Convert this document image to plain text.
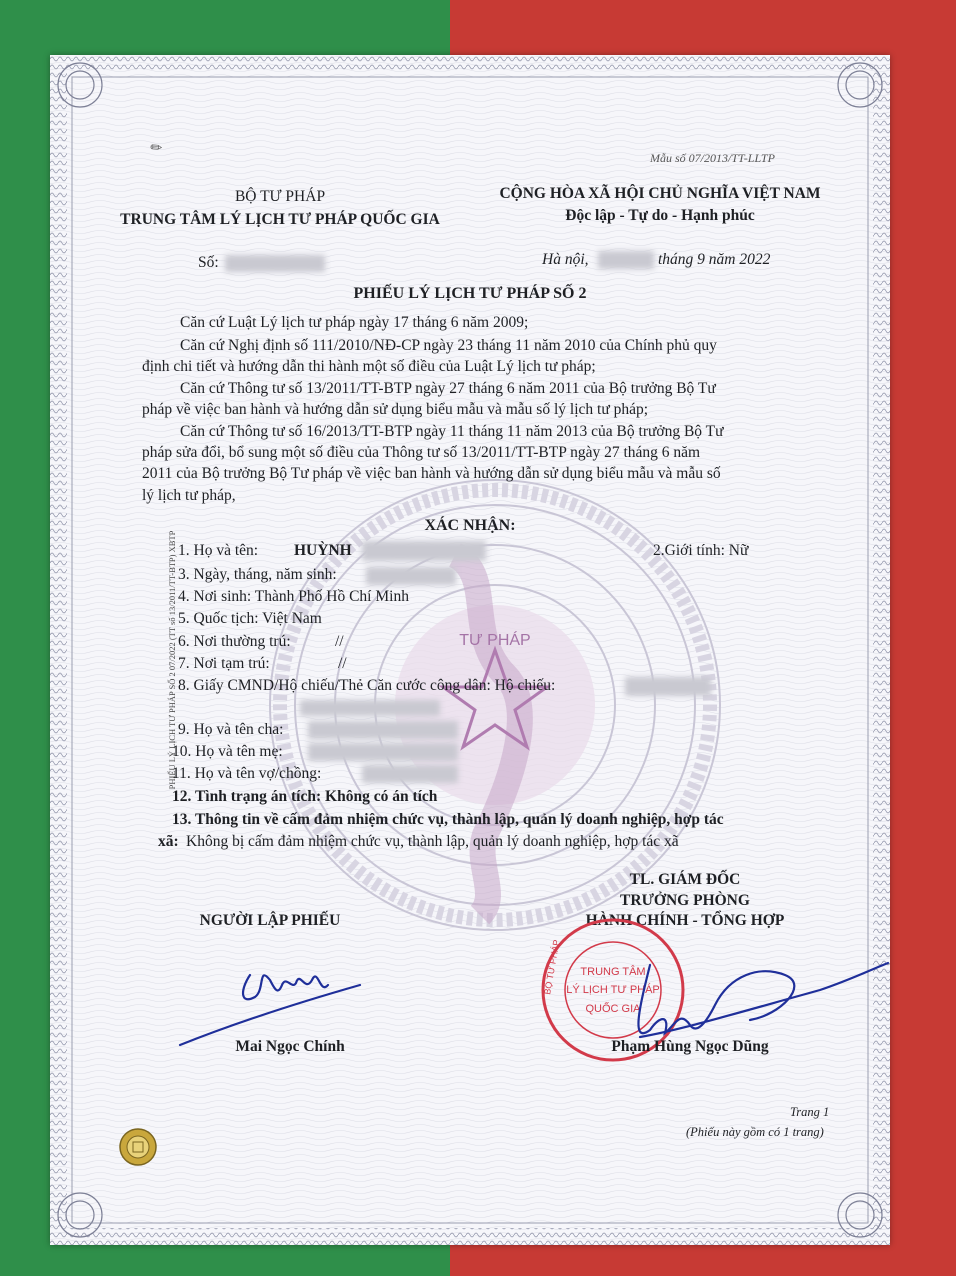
✎
TƯ PHÁP
PHIẾU LÝ LỊCH TƯ PHÁP SỐ 2 07/2022 (TT số 13/2011/TT-BTP) XBTP
Mẫu số 07/2013/TT-LLTP
BỘ TƯ PHÁP
TRUNG TÂM LÝ LỊCH TƯ PHÁP QUỐC GIA
Số:
CỘNG HÒA XÃ HỘI CHỦ NGHĨA VIỆT NAM
Độc lập - Tự do - Hạnh phúc
Hà nội,	tháng 9 năm 2022
PHIẾU LÝ LỊCH TƯ PHÁP SỐ 2
Căn cứ Luật Lý lịch tư pháp ngày 17 tháng 6 năm 2009;
Căn cứ Nghị định số 111/2010/NĐ-CP ngày 23 tháng 11 năm 2010 của Chính phủ quy
định chi tiết và hướng dẫn thi hành một số điều của Luật Lý lịch tư pháp;
Căn cứ Thông tư số 13/2011/TT-BTP ngày 27 tháng 6 năm 2011 của Bộ trưởng Bộ Tư
pháp về việc ban hành và hướng dẫn sử dụng biểu mẫu và mẫu số lý lịch tư pháp;
Căn cứ Thông tư số 16/2013/TT-BTP ngày 11 tháng 11 năm 2013 của Bộ trưởng Bộ Tư
pháp sửa đổi, bổ sung một số điều của Thông tư số 13/2011/TT-BTP ngày 27 tháng 6 năm
2011 của Bộ trưởng Bộ Tư pháp về việc ban hành và hướng dẫn sử dụng biểu mẫu và mẫu số
lý lịch tư pháp,
XÁC NHẬN:
1. Họ và tên: HUỲNH	2.Giới tính: Nữ
3. Ngày, tháng, năm sinh:
4. Nơi sinh: Thành Phố Hồ Chí Minh
5. Quốc tịch: Việt Nam
6. Nơi thường trú:	//
7. Nơi tạm trú:	//
8. Giấy CMND/Hộ chiếu/Thẻ Căn cước công dân: Hộ chiếu:
9. Họ và tên cha:
10. Họ và tên mẹ:
11. Họ và tên vợ/chồng:
12. Tình trạng án tích: Không có án tích
13. Thông tin về cấm đảm nhiệm chức vụ, thành lập, quản lý doanh nghiệp, hợp tác
xã: Không bị cấm đảm nhiệm chức vụ, thành lập, quản lý doanh nghiệp, hợp tác xã
TL. GIÁM ĐỐC
TRƯỞNG PHÒNG
HÀNH CHÍNH - TỔNG HỢP
NGƯỜI LẬP PHIẾU
TRUNG TÂM
LÝ LỊCH TƯ PHÁP
QUỐC GIA
BỘ TƯ PHÁP
Mai Ngọc Chính	Phạm Hùng Ngọc Dũng
Trang 1
(Phiếu này gồm có 1 trang)
